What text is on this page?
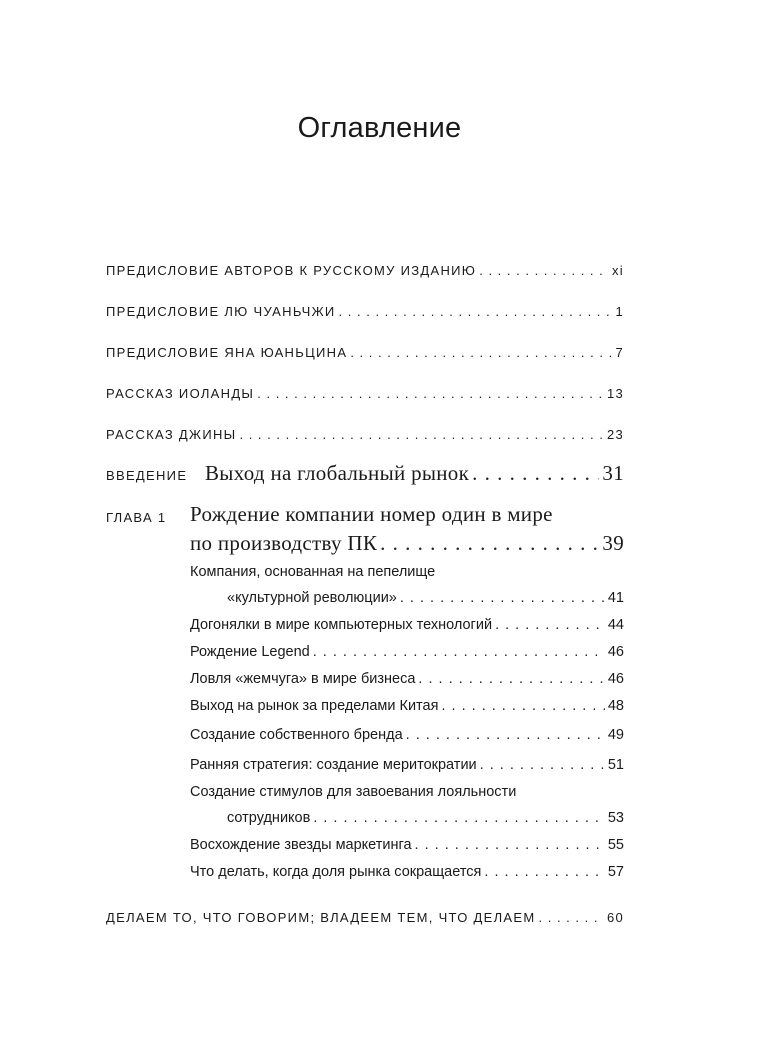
Оглавление
ПРЕДИСЛОВИЕ АВТОРОВ К РУССКОМУ ИЗДАНИЮ . . .	xi
ПРЕДИСЛОВИЕ ЛЮ ЧУАНЬЧЖИ . . .	1
ПРЕДИСЛОВИЕ ЯНА ЮАНЬЦИНА . . .	7
РАССКАЗ ИОЛАНДЫ . . .	13
РАССКАЗ ДЖИНЫ . . .	23
ВВЕДЕНИЕ Выход на глобальный рынок . . .	31
ГЛАВА 1 Рождение компании номер один в мире
по производству ПК . . .	39
Компания, основанная на пепелище
«культурной революции» . . .	41
Догонялки в мире компьютерных технологий . . .	44
Рождение Legend . . .	46
Ловля «жемчуга» в мире бизнеса . . .	46
Выход на рынок за пределами Китая . . .	48
Создание собственного бренда . . .	49
Ранняя стратегия: создание меритократии . . .	51
Создание стимулов для завоевания лояльности
сотрудников . . .	53
Восхождение звезды маркетинга . . .	55
Что делать, когда доля рынка сокращается . . .	57
ДЕЛАЕМ ТО, ЧТО ГОВОРИМ; ВЛАДЕЕМ ТЕМ, ЧТО ДЕЛАЕМ . . .	60
